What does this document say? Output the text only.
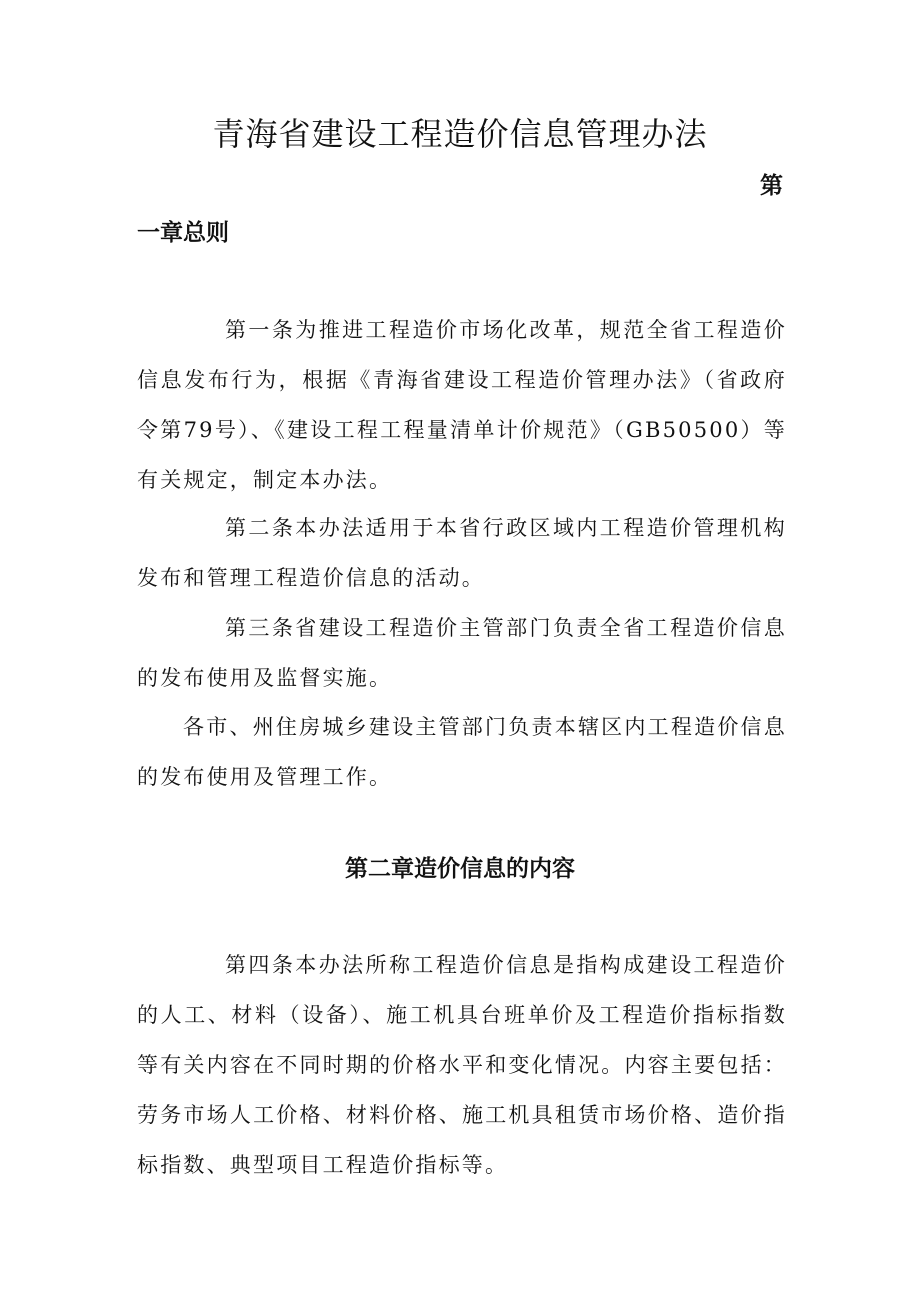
青海省建设工程造价信息管理办法
第
一章总则

第一条为推进工程造价市场化改革，规范全省工程造价信息发布行为，根据《青海省建设工程造价管理办法》（省政府令第79号）、《建设工程工程量清单计价规范》（GB50500）等有关规定，制定本办法。

第二条本办法适用于本省行政区域内工程造价管理机构发布和管理工程造价信息的活动。

第三条省建设工程造价主管部门负责全省工程造价信息的发布使用及监督实施。

各市、州住房城乡建设主管部门负责本辖区内工程造价信息的发布使用及管理工作。

第二章造价信息的内容

第四条本办法所称工程造价信息是指构成建设工程造价的人工、材料（设备）、施工机具台班单价及工程造价指标指数等有关内容在不同时期的价格水平和变化情况。内容主要包括：劳务市场人工价格、材料价格、施工机具租赁市场价格、造价指标指数、典型项目工程造价指标等。
